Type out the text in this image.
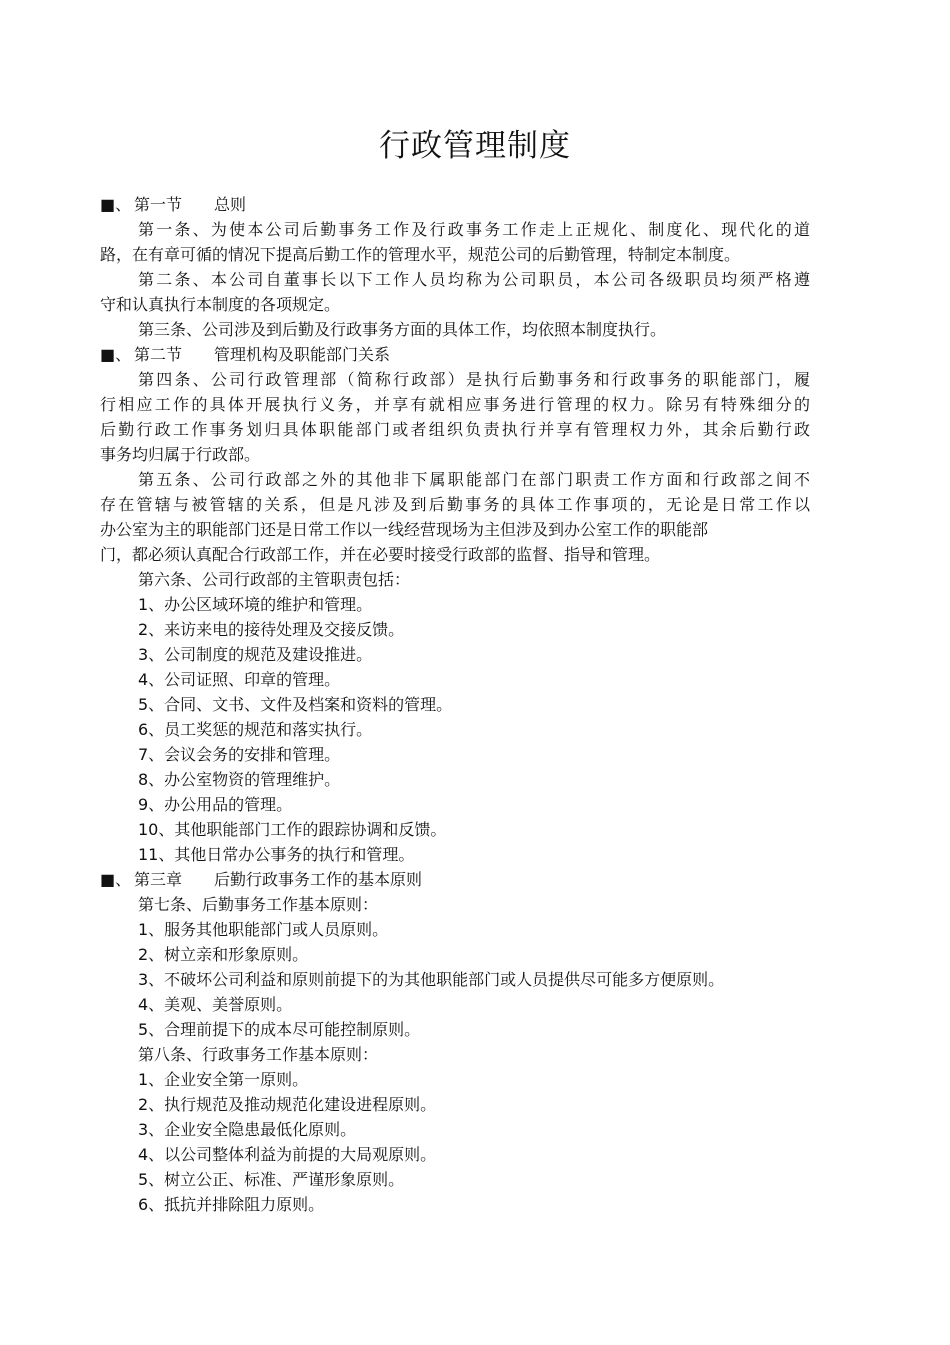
行政管理制度
■、 第一节 总则
第一条、为使本公司后勤事务工作及行政事务工作走上正规化、制度化、现代化的道
路，在有章可循的情况下提高后勤工作的管理水平，规范公司的后勤管理，特制定本制度。
第二条、本公司自董事长以下工作人员均称为公司职员，本公司各级职员均须严格遵
守和认真执行本制度的各项规定。
第三条、公司涉及到后勤及行政事务方面的具体工作，均依照本制度执行。
■、 第二节 管理机构及职能部门关系
第四条、公司行政管理部（简称行政部）是执行后勤事务和行政事务的职能部门，履
行相应工作的具体开展执行义务，并享有就相应事务进行管理的权力。除另有特殊细分的
后勤行政工作事务划归具体职能部门或者组织负责执行并享有管理权力外，其余后勤行政
事务均归属于行政部。
第五条、公司行政部之外的其他非下属职能部门在部门职责工作方面和行政部之间不
存在管辖与被管辖的关系，但是凡涉及到后勤事务的具体工作事项的，无论是日常工作以
办公室为主的职能部门还是日常工作以一线经营现场为主但涉及到办公室工作的职能部
门，都必须认真配合行政部工作，并在必要时接受行政部的监督、指导和管理。
第六条、公司行政部的主管职责包括：
1、办公区域环境的维护和管理。
2、来访来电的接待处理及交接反馈。
3、公司制度的规范及建设推进。
4、公司证照、印章的管理。
5、合同、文书、文件及档案和资料的管理。
6、员工奖惩的规范和落实执行。
7、会议会务的安排和管理。
8、办公室物资的管理维护。
9、办公用品的管理。
10、其他职能部门工作的跟踪协调和反馈。
11、其他日常办公事务的执行和管理。
■、 第三章 后勤行政事务工作的基本原则
第七条、后勤事务工作基本原则：
1、服务其他职能部门或人员原则。
2、树立亲和形象原则。
3、不破坏公司利益和原则前提下的为其他职能部门或人员提供尽可能多方便原则。
4、美观、美誉原则。
5、合理前提下的成本尽可能控制原则。
第八条、行政事务工作基本原则：
1、企业安全第一原则。
2、执行规范及推动规范化建设进程原则。
3、企业安全隐患最低化原则。
4、以公司整体利益为前提的大局观原则。
5、树立公正、标准、严谨形象原则。
6、抵抗并排除阻力原则。
